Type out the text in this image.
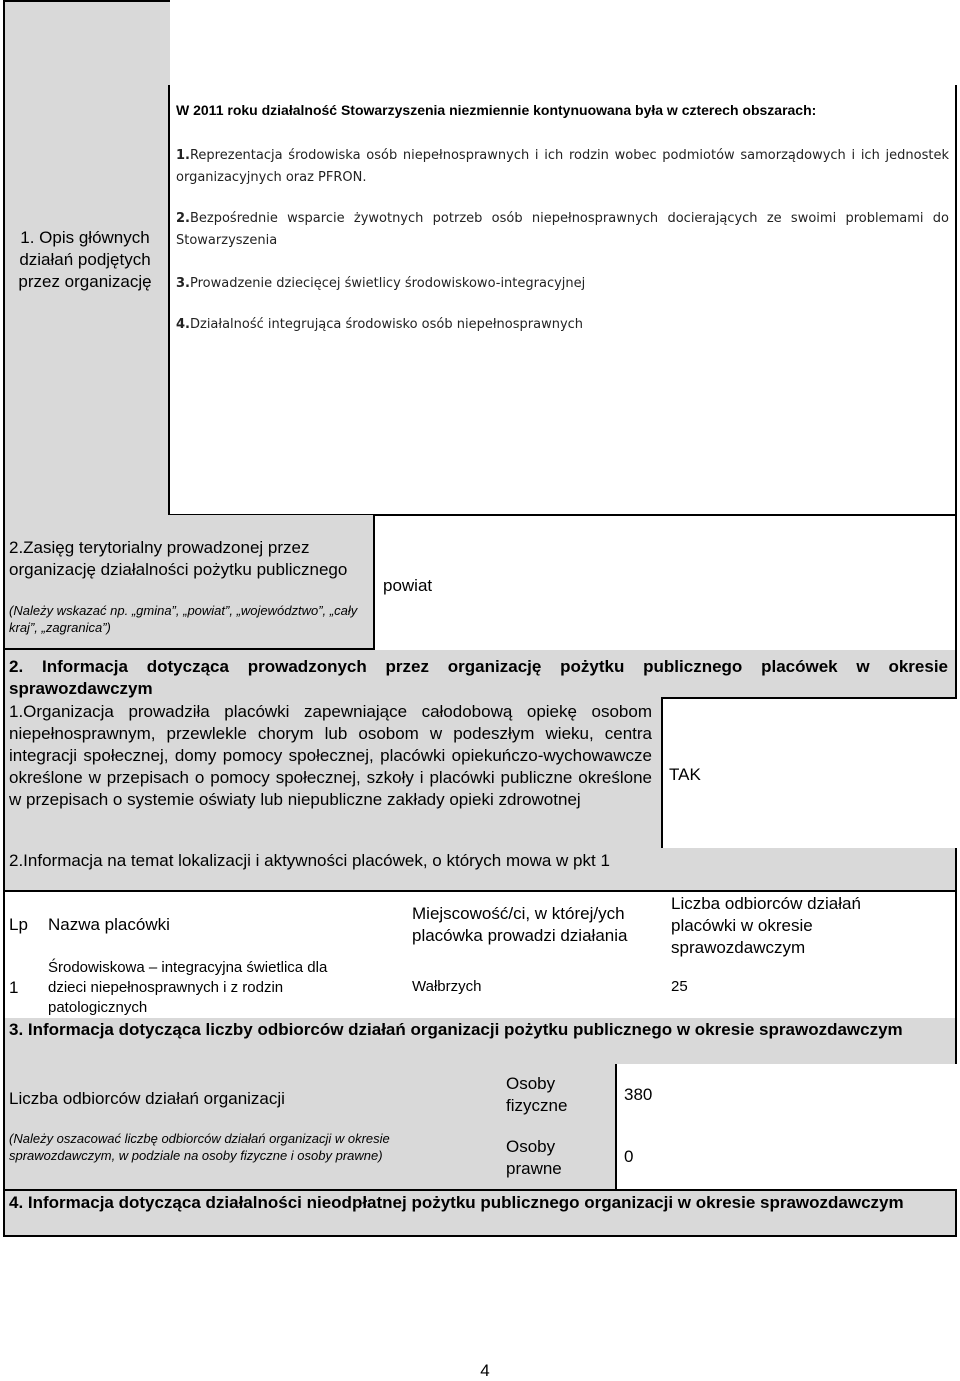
1. Opis głównych działań podjętych przez organizację
W 2011 roku działalność Stowarzyszenia niezmiennie kontynuowana była w czterech obszarach:
1.Reprezentacja środowiska osób niepełnosprawnych i ich rodzin wobec podmiotów samorządowych i ich jednostek organizacyjnych oraz PFRON.
2.Bezpośrednie wsparcie żywotnych potrzeb osób niepełnosprawnych docierających ze swoimi problemami do Stowarzyszenia
3.Prowadzenie dziecięcej świetlicy środowiskowo-integracyjnej
4.Działalność integrująca środowisko osób niepełnosprawnych
2.Zasięg terytorialny prowadzonej przez organizację działalności pożytku publicznego
(Należy wskazać np. „gmina”, „powiat”, „województwo”, „cały kraj”, „zagranica”)
powiat
2. Informacja dotycząca prowadzonych przez organizację pożytku publicznego placówek w okresie sprawozdawczym
1.Organizacja prowadziła placówki zapewniające całodobową opiekę osobom niepełnosprawnym, przewlekle chorym lub osobom w podeszłym wieku, centra integracji społecznej, domy pomocy społecznej, placówki opiekuńczo-wychowawcze określone w przepisach o pomocy społecznej, szkoły i placówki publiczne określone w przepisach o systemie oświaty lub niepubliczne zakłady opieki zdrowotnej
TAK
2.Informacja na temat lokalizacji i aktywności placówek, o których mowa w pkt 1
Lp	Nazwa placówki
Miejscowość/ci, w której/ych placówka prowadzi działania
Liczba odbiorców działań placówki w okresie sprawozdawczym
1
Środowiskowa – integracyjna świetlica dla dzieci niepełnosprawnych i z rodzin patologicznych
Wałbrzych	25
3. Informacja dotycząca liczby odbiorców działań organizacji pożytku publicznego w okresie sprawozdawczym
Liczba odbiorców działań organizacji
(Należy oszacować liczbę odbiorców działań organizacji w okresie sprawozdawczym, w podziale na osoby fizyczne i osoby prawne)
Osoby fizyczne
Osoby prawne
380
0
4. Informacja dotycząca działalności nieodpłatnej pożytku publicznego organizacji w okresie sprawozdawczym
4
